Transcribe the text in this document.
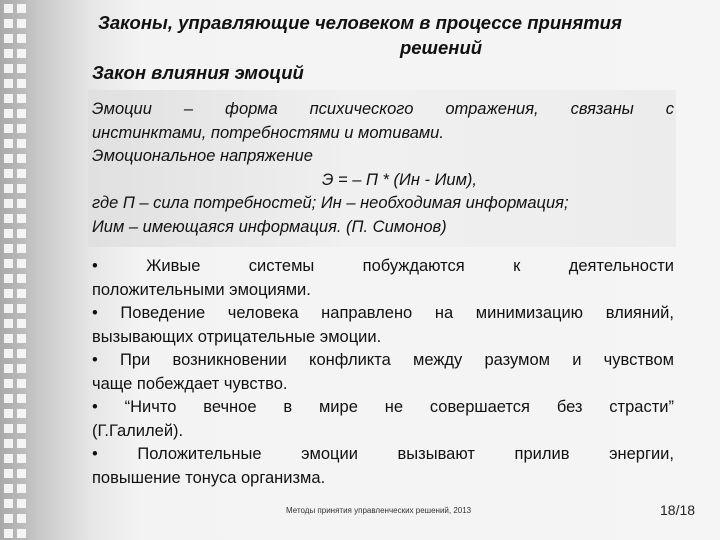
Законы, управляющие человеком в процессе принятия
решений
Закон влияния эмоций
Эмоции – форма психического отражения, связаны с
инстинктами, потребностями и мотивами.
Эмоциональное напряжение
Э = – П * (Ин - Иим),
где П – сила потребностей; Ин – необходимая информация;
Иим – имеющаяся информация. (П. Симонов)
• Живые системы побуждаются к деятельности
положительными эмоциями.
• Поведение человека направлено на минимизацию влияний,
вызывающих отрицательные эмоции.
• При возникновении конфликта между разумом и чувством
чаще побеждает чувство.
• “Ничто вечное в мире не совершается без страсти”
(Г.Галилей).
• Положительные эмоции вызывают прилив энергии,
повышение тонуса организма.
Методы принятия управленческих решений, 2013	18/18
